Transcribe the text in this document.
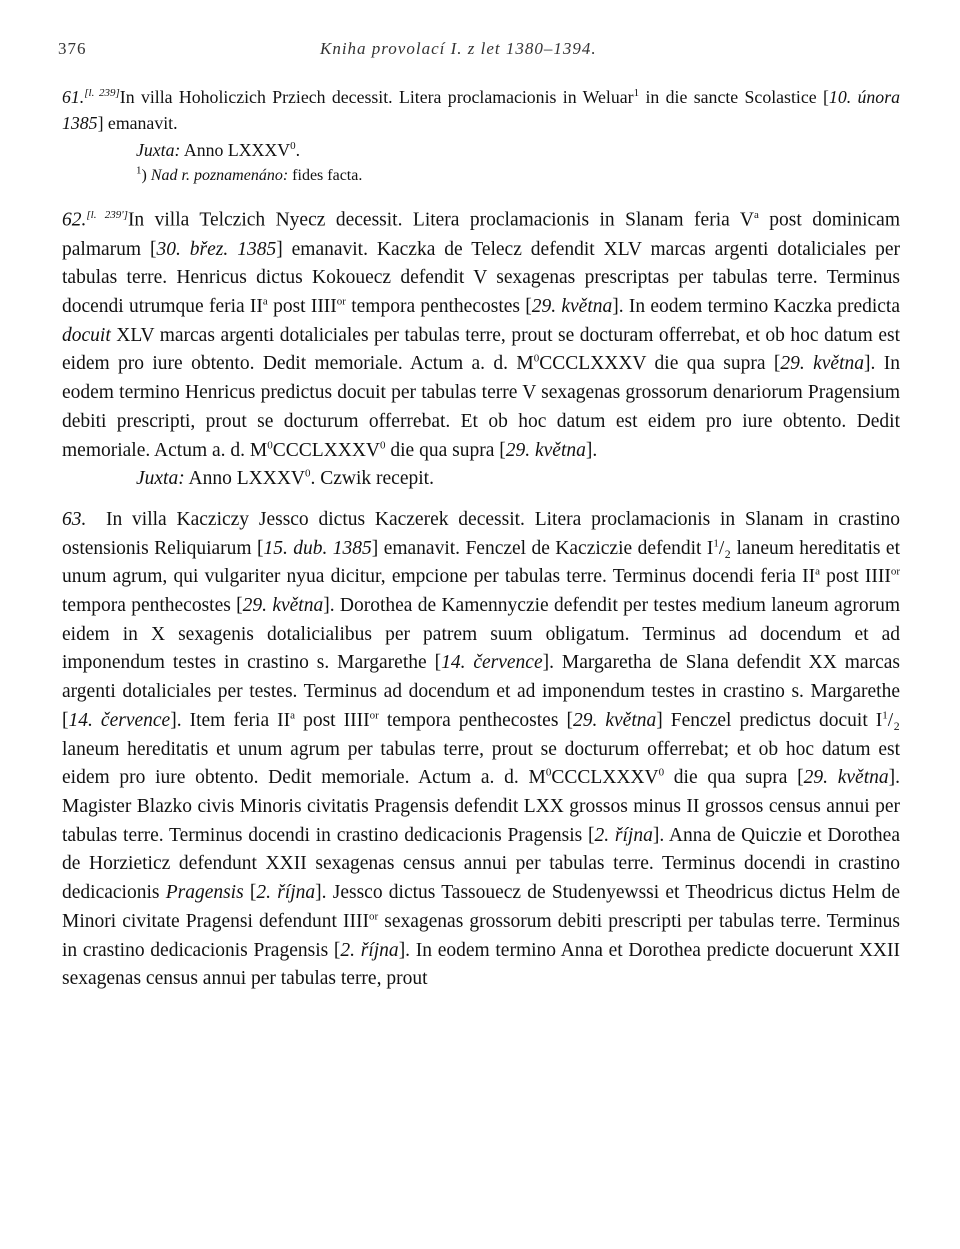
376	Kniha provolací I. z let 1380–1394.

61.[l. 239]In villa Hoholiczich Prziech decessit. Litera proclamacionis in Weluar$^1$ in die sancte Scolastice [10. února 1385] emanavit.

Juxta: Anno LXXXV$^0$.

$^1$) Nad r. poznamenáno: fides facta.

62.[l. 239']In villa Telczich Nyecz decessit. Litera proclamacionis in Slanam feria $V^a$ post dominicam palmarum [30. břez. 1385] emanavit. Kaczka de Telecz defendit XLV marcas argenti dotaliciales per tabulas terre. Henricus dictus Kokouecz defendit V sexagenas prescriptas per tabulas terre. Terminus docendi utrumque feria $II^a$ post $IIII^{or}$ tempora penthecostes [29. května]. In eodem termino Kaczka predicta docuit XLV marcas argenti dotaliciales per tabulas terre, prout se docturam offerrebat, et ob hoc datum est eidem pro iure obtento. Dedit memoriale. Actum a. d. $M^0CCCLXXXV$ die qua supra [29. května]. In eodem termino Henricus predictus docuit per tabulas terre V sexagenas grossorum denariorum Pragensium debiti prescripti, prout se docturum offerrebat. Et ob hoc datum est eidem pro iure obtento. Dedit memoriale. Actum a. d. $M^0CCCLXXXV^0$ die qua supra [29. května].

Juxta: Anno LXXXV$^0$. Czwik recepit.

63. In villa Kacziczy Jessco dictus Kaczerek decessit. Litera proclamacionis in Slanam in crastino ostensionis Reliquiarum [15. dub. 1385] emanavit. Fenczel de Kacziczie defendit $I^1/_2$ laneum hereditatis et unum agrum, qui vulgariter nyua dicitur, empcione per tabulas terre. Terminus docendi feria $II^a$ post $IIII^{or}$ tempora penthecostes [29. května]. Dorothea de Kamennyczie defendit per testes medium laneum agrorum eidem in X sexagenis dotalicialibus per patrem suum obligatum. Terminus ad docendum et ad imponendum testes in crastino s. Margarethe [14. července]. Margaretha de Slana defendit XX marcas argenti dotaliciales per testes. Terminus ad docendum et ad imponendum testes in crastino s. Margarethe [14. července]. Item feria $II^a$ post $IIII^{or}$ tempora penthecostes [29. května] Fenczel predictus docuit $I^1/_2$ laneum hereditatis et unum agrum per tabulas terre, prout se docturum offerrebat; et ob hoc datum est eidem pro iure obtento. Dedit memoriale. Actum a. d. $M^0CCCLXXXV^0$ die qua supra [29. května]. Magister Blazko civis Minoris civitatis Pragensis defendit LXX grossos minus II grossos census annui per tabulas terre. Terminus docendi in crastino dedicacionis Pragensis [2. října]. Anna de Quiczie et Dorothea de Horzieticz defendunt XXII sexagenas census annui per tabulas terre. Terminus docendi in crastino dedicacionis Pragensis [2. října]. Jessco dictus Tassouecz de Studenyewssi et Theodricus dictus Helm de Minori civitate Pragensi defendunt $IIII^{or}$ sexagenas grossorum debiti prescripti per tabulas terre. Terminus in crastino dedicacionis Pragensis [2. října]. In eodem termino Anna et Dorothea predicte docuerunt XXII sexagenas census annui per tabulas terre, prout
